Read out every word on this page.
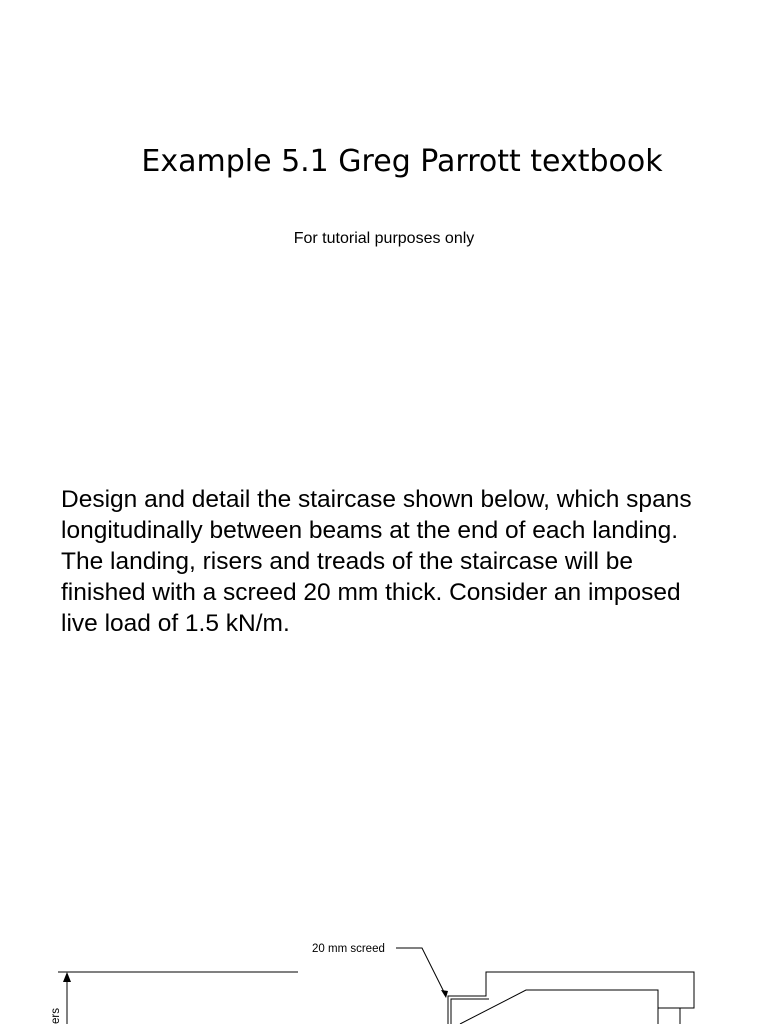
Example 5.1 Greg Parrott textbook
For tutorial purposes only

Design and detail the staircase shown below, which spans longitudinally between beams at the end of each landing. The landing, risers and treads of the staircase will be finished with a screed 20 mm thick. Consider an imposed live load of 1.5 kN/m.

20 mm screed
ers
